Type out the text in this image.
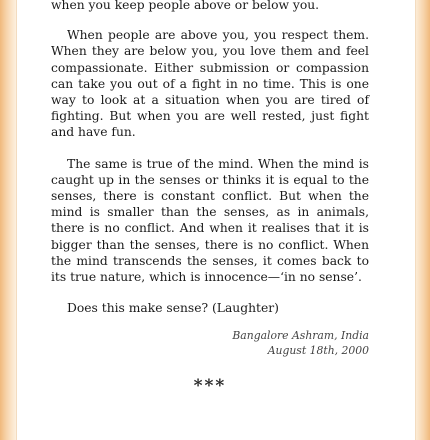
when you keep people above or below you.

When people are above you, you respect them. When they are below you, you love them and feel compassionate. Either submission or compassion can take you out of a fight in no time. This is one way to look at a situation when you are tired of fighting. But when you are well rested, just fight and have fun.

The same is true of the mind. When the mind is caught up in the senses or thinks it is equal to the senses, there is constant conflict. But when the mind is smaller than the senses, as in animals, there is no conflict. And when it realises that it is bigger than the senses, there is no conflict. When the mind transcends the senses, it comes back to its true nature, which is innocence—‘in no sense’.

Does this make sense? (Laughter)

Bangalore Ashram, India

August 18th, 2000

***
